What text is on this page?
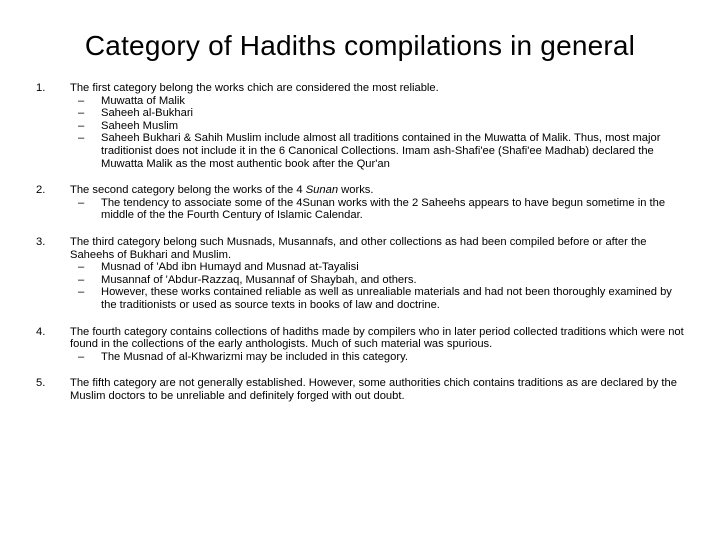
Category of Hadiths compilations in general
1.	The first category belong the works chich are considered the most reliable.
– Muwatta of Malik
– Saheeh al-Bukhari
– Saheeh Muslim
– Saheeh Bukhari & Sahih Muslim include almost all traditions contained in the Muwatta of Malik. Thus, most major traditionist does not include it in the 6 Canonical Collections. Imam ash-Shafi'ee (Shafi'ee Madhab) declared the Muwatta Malik as the most authentic book after the Qur'an
2.	The second category belong the works of the 4 Sunan works.
– The tendency to associate some of the 4Sunan works with the 2 Saheehs appears to have begun sometime in the middle of the the Fourth Century of Islamic Calendar.
3.	The third category belong such Musnads, Musannafs, and other collections as had been compiled before or after the Saheehs of Bukhari and Muslim.
– Musnad of 'Abd ibn Humayd and Musnad at-Tayalisi
– Musannaf of 'Abdur-Razzaq, Musannaf of Shaybah, and others.
– However, these works contained reliable as well as unrealiable materials and had not been thoroughly examined by the traditionists or used as source texts in books of law and doctrine.
4.	The fourth category contains collections of hadiths made by compilers who in later period collected traditions which were not found in the collections of the early anthologists. Much of such material was spurious.
– The Musnad of al-Khwarizmi may be included in this category.
5.	The fifth category are not generally established. However, some authorities chich contains traditions as are declared by the Muslim doctors to be unreliable and definitely forged with out doubt.
